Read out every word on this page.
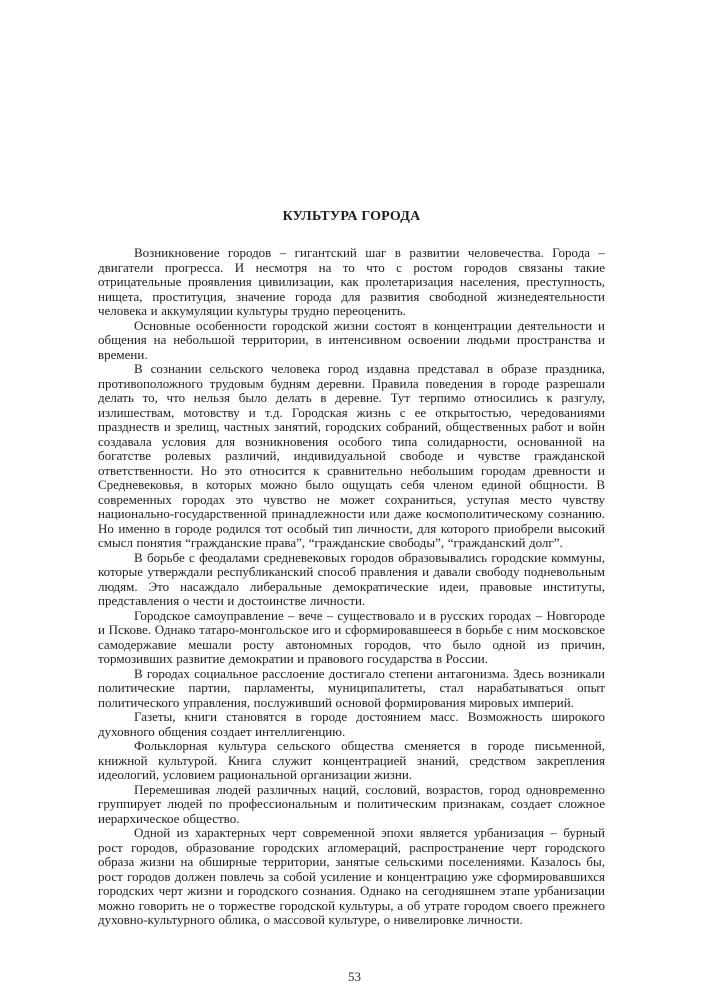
КУЛЬТУРА ГОРОДА

Возникновение городов – гигантский шаг в развитии человечества. Города – двигатели прогресса. И несмотря на то что с ростом городов связаны такие отрицательные проявления цивилизации, как пролетаризация населения, преступность, нищета, проституция, значение города для развития свободной жизнедеятельности человека и аккумуляции культуры трудно переоценить.

Основные особенности городской жизни состоят в концентрации деятельности и общения на небольшой территории, в интенсивном освоении людьми пространства и времени.

В сознании сельского человека город издавна представал в образе праздника, противоположного трудовым будням деревни. Правила поведения в городе разрешали делать то, что нельзя было делать в деревне. Тут терпимо относились к разгулу, излишествам, мотовству и т.д. Городская жизнь с ее открытостью, чередованиями празднеств и зрелищ, частных занятий, городских собраний, общественных работ и войн создавала условия для возникновения особого типа солидарности, основанной на богатстве ролевых различий, индивидуальной свободе и чувстве гражданской ответственности. Но это относится к сравнительно небольшим городам древности и Средневековья, в которых можно было ощущать себя членом единой общности. В современных городах это чувство не может сохраниться, уступая место чувству национально-государственной принадлежности или даже космополитическому сознанию. Но именно в городе родился тот особый тип личности, для которого приобрели высокий смысл понятия “гражданские права”, “гражданские свободы”, “гражданский долг”.

В борьбе с феодалами средневековых городов образовывались городские коммуны, которые утверждали республиканский способ правления и давали свободу подневольным людям. Это насаждало либеральные демократические идеи, правовые институты, представления о чести и достоинстве личности.

Городское самоуправление – вече – существовало и в русских городах – Новгороде и Пскове. Однако татаро-монгольское иго и сформировавшееся в борьбе с ним московское самодержавие мешали росту автономных городов, что было одной из причин, тормозивших развитие демократии и правового государства в России.

В городах социальное расслоение достигало степени антагонизма. Здесь возникали политические партии, парламенты, муниципалитеты, стал нарабатываться опыт политического управления, послуживший основой формирования мировых империй.

Газеты, книги становятся в городе достоянием масс. Возможность широкого духовного общения создает интеллигенцию.

Фольклорная культура сельского общества сменяется в городе письменной, книжной культурой. Книга служит концентрацией знаний, средством закрепления идеологий, условием рациональной организации жизни.

Перемешивая людей различных наций, сословий, возрастов, город одновременно группирует людей по профессиональным и политическим признакам, создает сложное иерархическое общество.

Одной из характерных черт современной эпохи является урбанизация – бурный рост городов, образование городских агломераций, распространение черт городского образа жизни на обширные территории, занятые сельскими поселениями. Казалось бы, рост городов должен повлечь за собой усиление и концентрацию уже сформировавшихся городских черт жизни и городского сознания. Однако на сегодняшнем этапе урбанизации можно говорить не о торжестве городской культуры, а об утрате городом своего прежнего духовно-культурного облика, о массовой культуре, о нивелировке личности.

53
